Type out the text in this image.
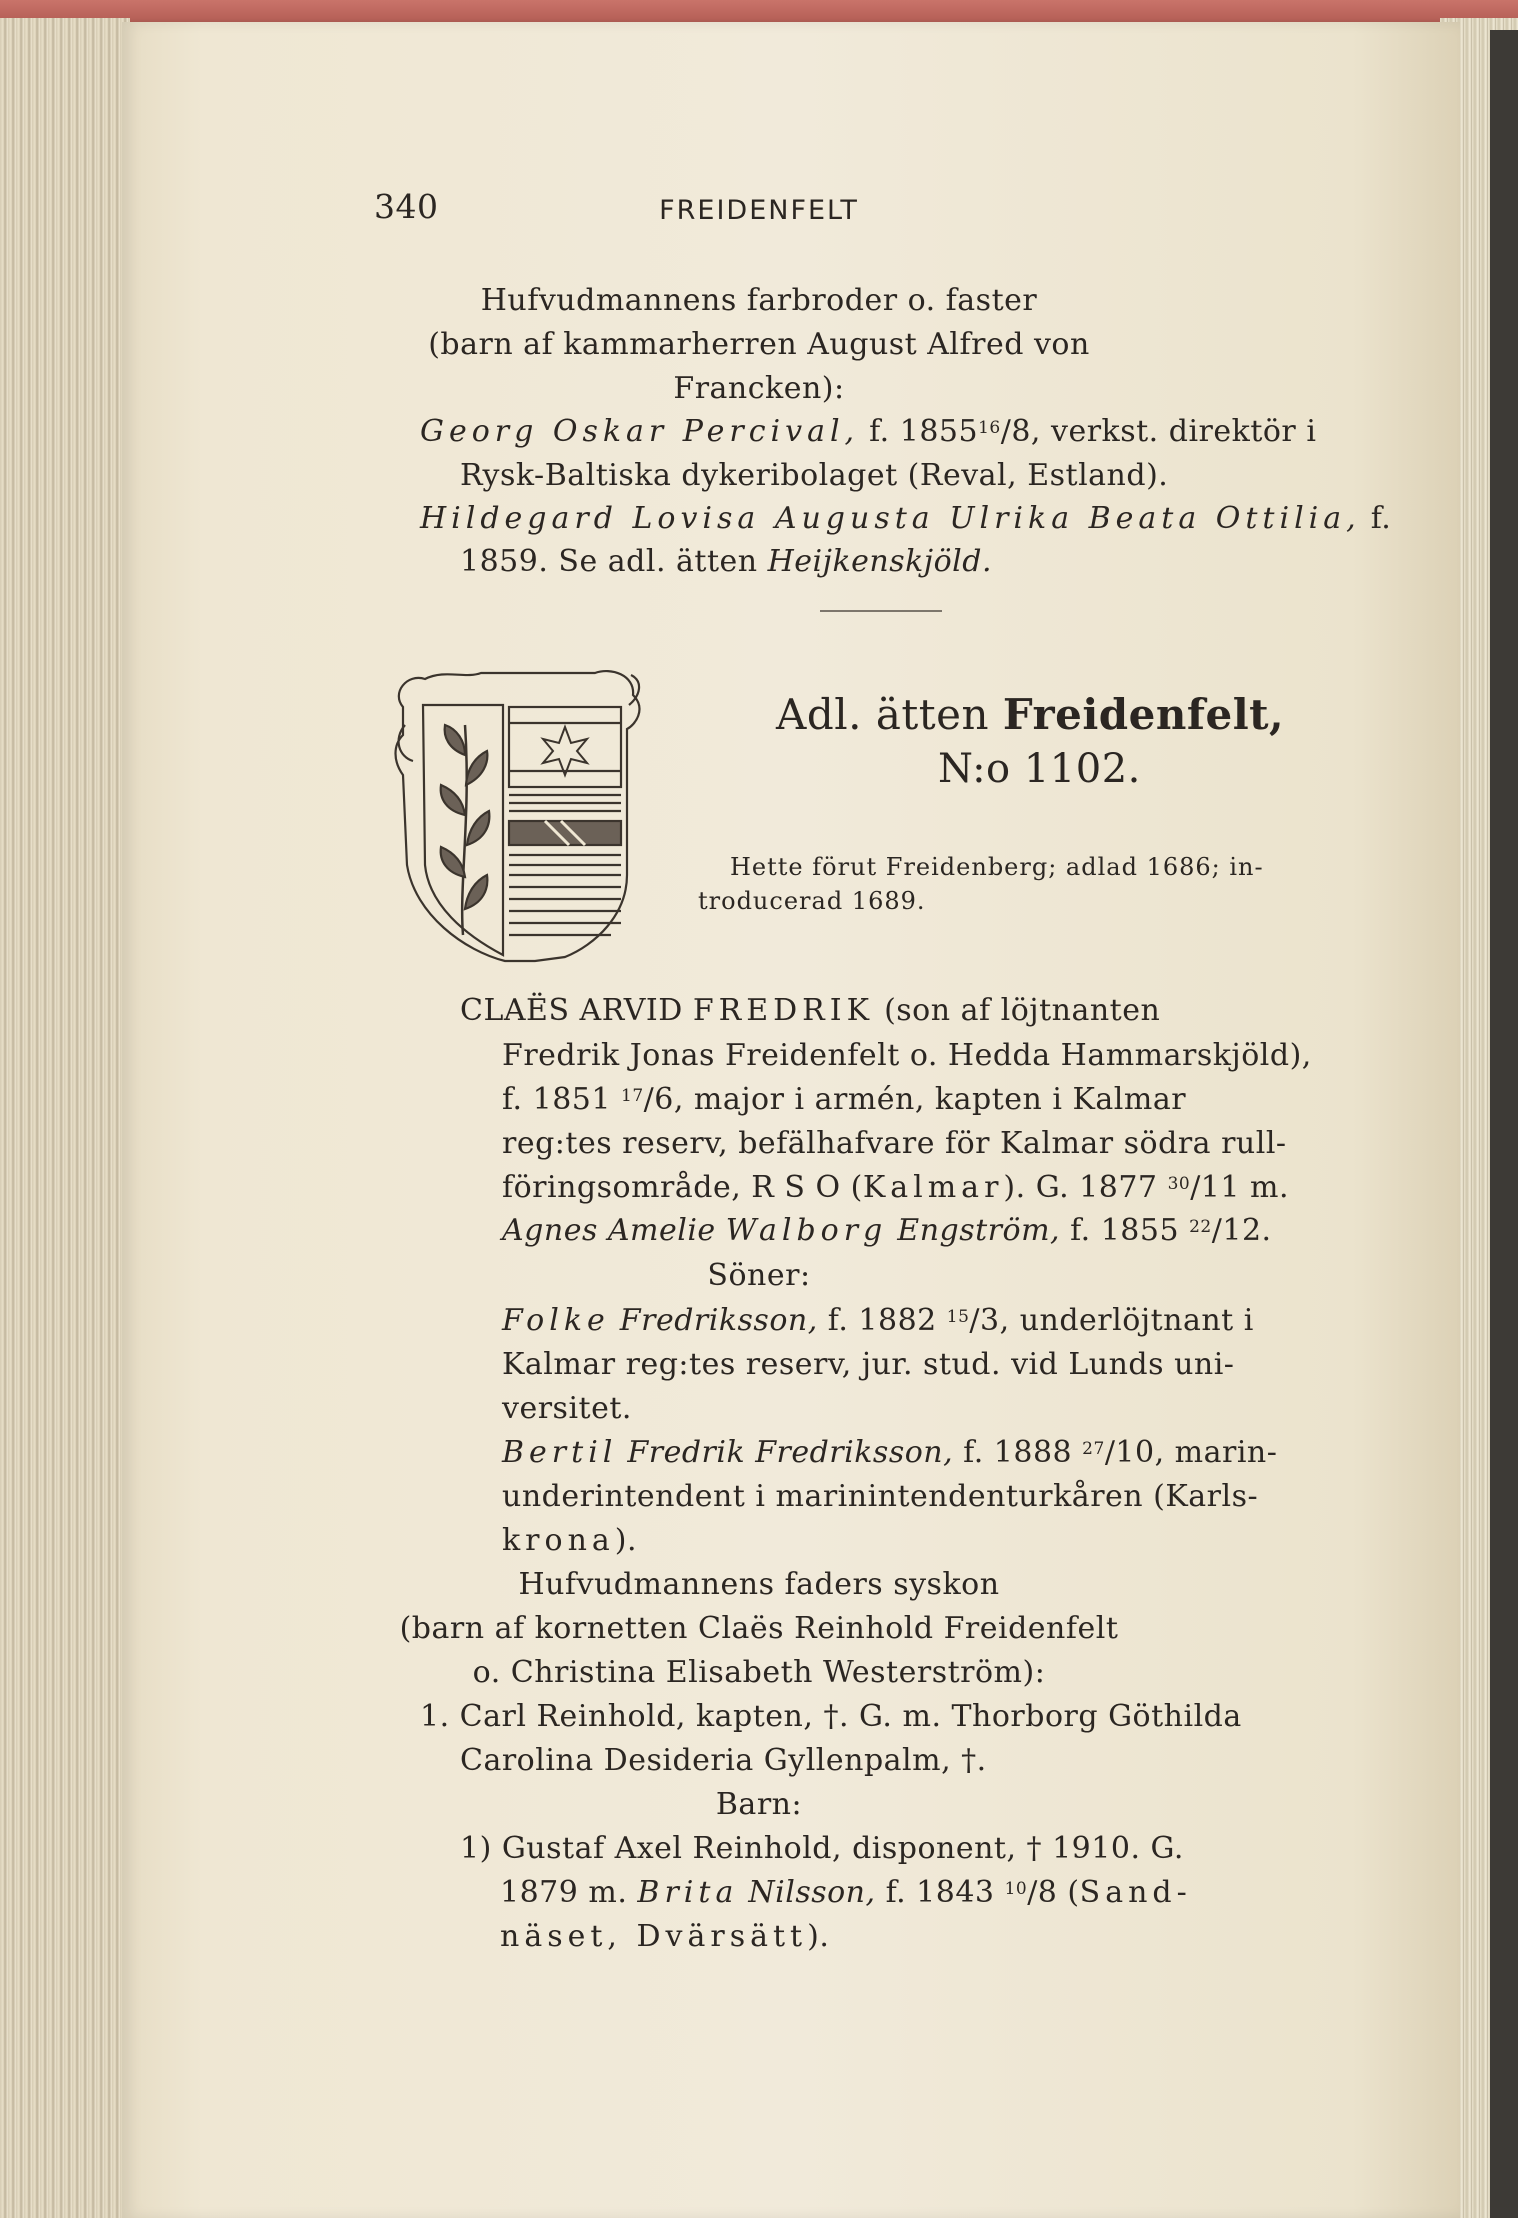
340	FREIDENFELT
Hufvudmannens farbroder o. faster
(barn af kammarherren August Alfred von
Francken):
Georg Oskar Percival, f. 1855$^{16}$/8, verkst. direktör i
Rysk-Baltiska dykeribolaget (Reval, Estland).
Hildegard Lovisa Augusta Ulrika Beata Ottilia, f.
1859. Se adl. ätten Heijkenskjöld.
Adl. ätten Freidenfelt,
N:o 1102.
Hette förut Freidenberg; adlad 1686; in-
troducerad 1689.
CLAËS ARVID FREDRIK (son af löjtnanten
Fredrik Jonas Freidenfelt o. Hedda Hammarskjöld),
f. 1851 $^{17}$/6, major i armén, kapten i Kalmar
reg:tes reserv, befälhafvare för Kalmar södra rull-
föringsområde, R S O (Kalmar). G. 1877 $^{30}$/11 m.
Agnes Amelie Walborg Engström, f. 1855 $^{22}$/12.
Söner:
Folke Fredriksson, f. 1882 $^{15}$/3, underlöjtnant i
Kalmar reg:tes reserv, jur. stud. vid Lunds uni-
versitet.
Bertil Fredrik Fredriksson, f. 1888 $^{27}$/10, marin-
underintendent i marinintendenturkåren (Karls-
krona).
Hufvudmannens faders syskon
(barn af kornetten Claës Reinhold Freidenfelt
o. Christina Elisabeth Westerström):
1. Carl Reinhold, kapten, †. G. m. Thorborg Göthilda
Carolina Desideria Gyllenpalm, †.
Barn:
1) Gustaf Axel Reinhold, disponent, † 1910. G.
1879 m. Brita Nilsson, f. 1843 $^{10}$/8 (Sand-
näset, Dvärsätt).
